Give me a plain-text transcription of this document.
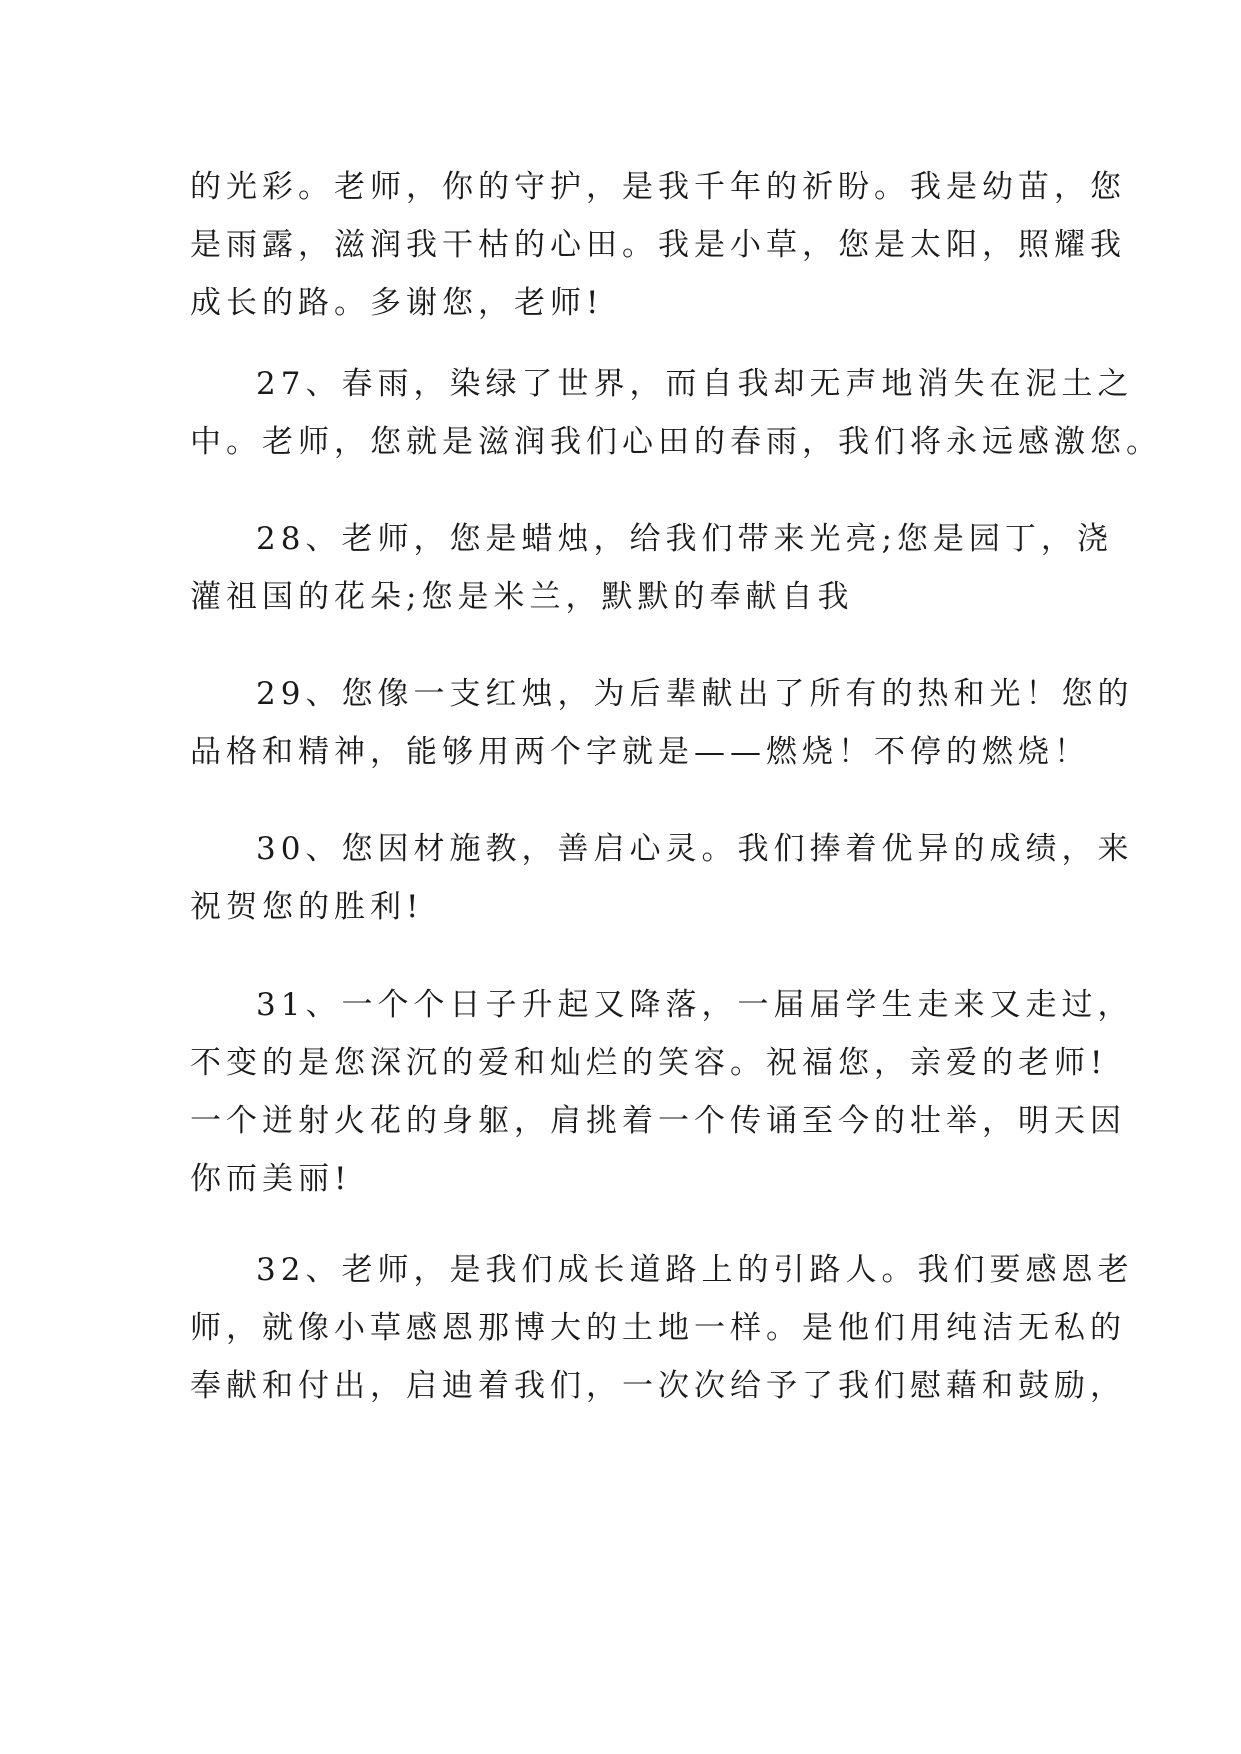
的光彩。老师，你的守护，是我千年的祈盼。我是幼苗，您
是雨露，滋润我干枯的心田。我是小草，您是太阳，照耀我
成长的路。多谢您，老师!

27、春雨，染绿了世界，而自我却无声地消失在泥土之
中。老师，您就是滋润我们心田的春雨，我们将永远感激您。

28、老师，您是蜡烛，给我们带来光亮;您是园丁，浇
灌祖国的花朵;您是米兰，默默的奉献自我

29、您像一支红烛，为后辈献出了所有的热和光！您的
品格和精神，能够用两个字就是——燃烧！不停的燃烧！

30、您因材施教，善启心灵。我们捧着优异的成绩，来
祝贺您的胜利!

31、一个个日子升起又降落，一届届学生走来又走过，
不变的是您深沉的爱和灿烂的笑容。祝福您，亲爱的老师!
一个迸射火花的身躯，肩挑着一个传诵至今的壮举，明天因
你而美丽!

32、老师，是我们成长道路上的引路人。我们要感恩老
师，就像小草感恩那博大的土地一样。是他们用纯洁无私的
奉献和付出，启迪着我们，一次次给予了我们慰藉和鼓励，
